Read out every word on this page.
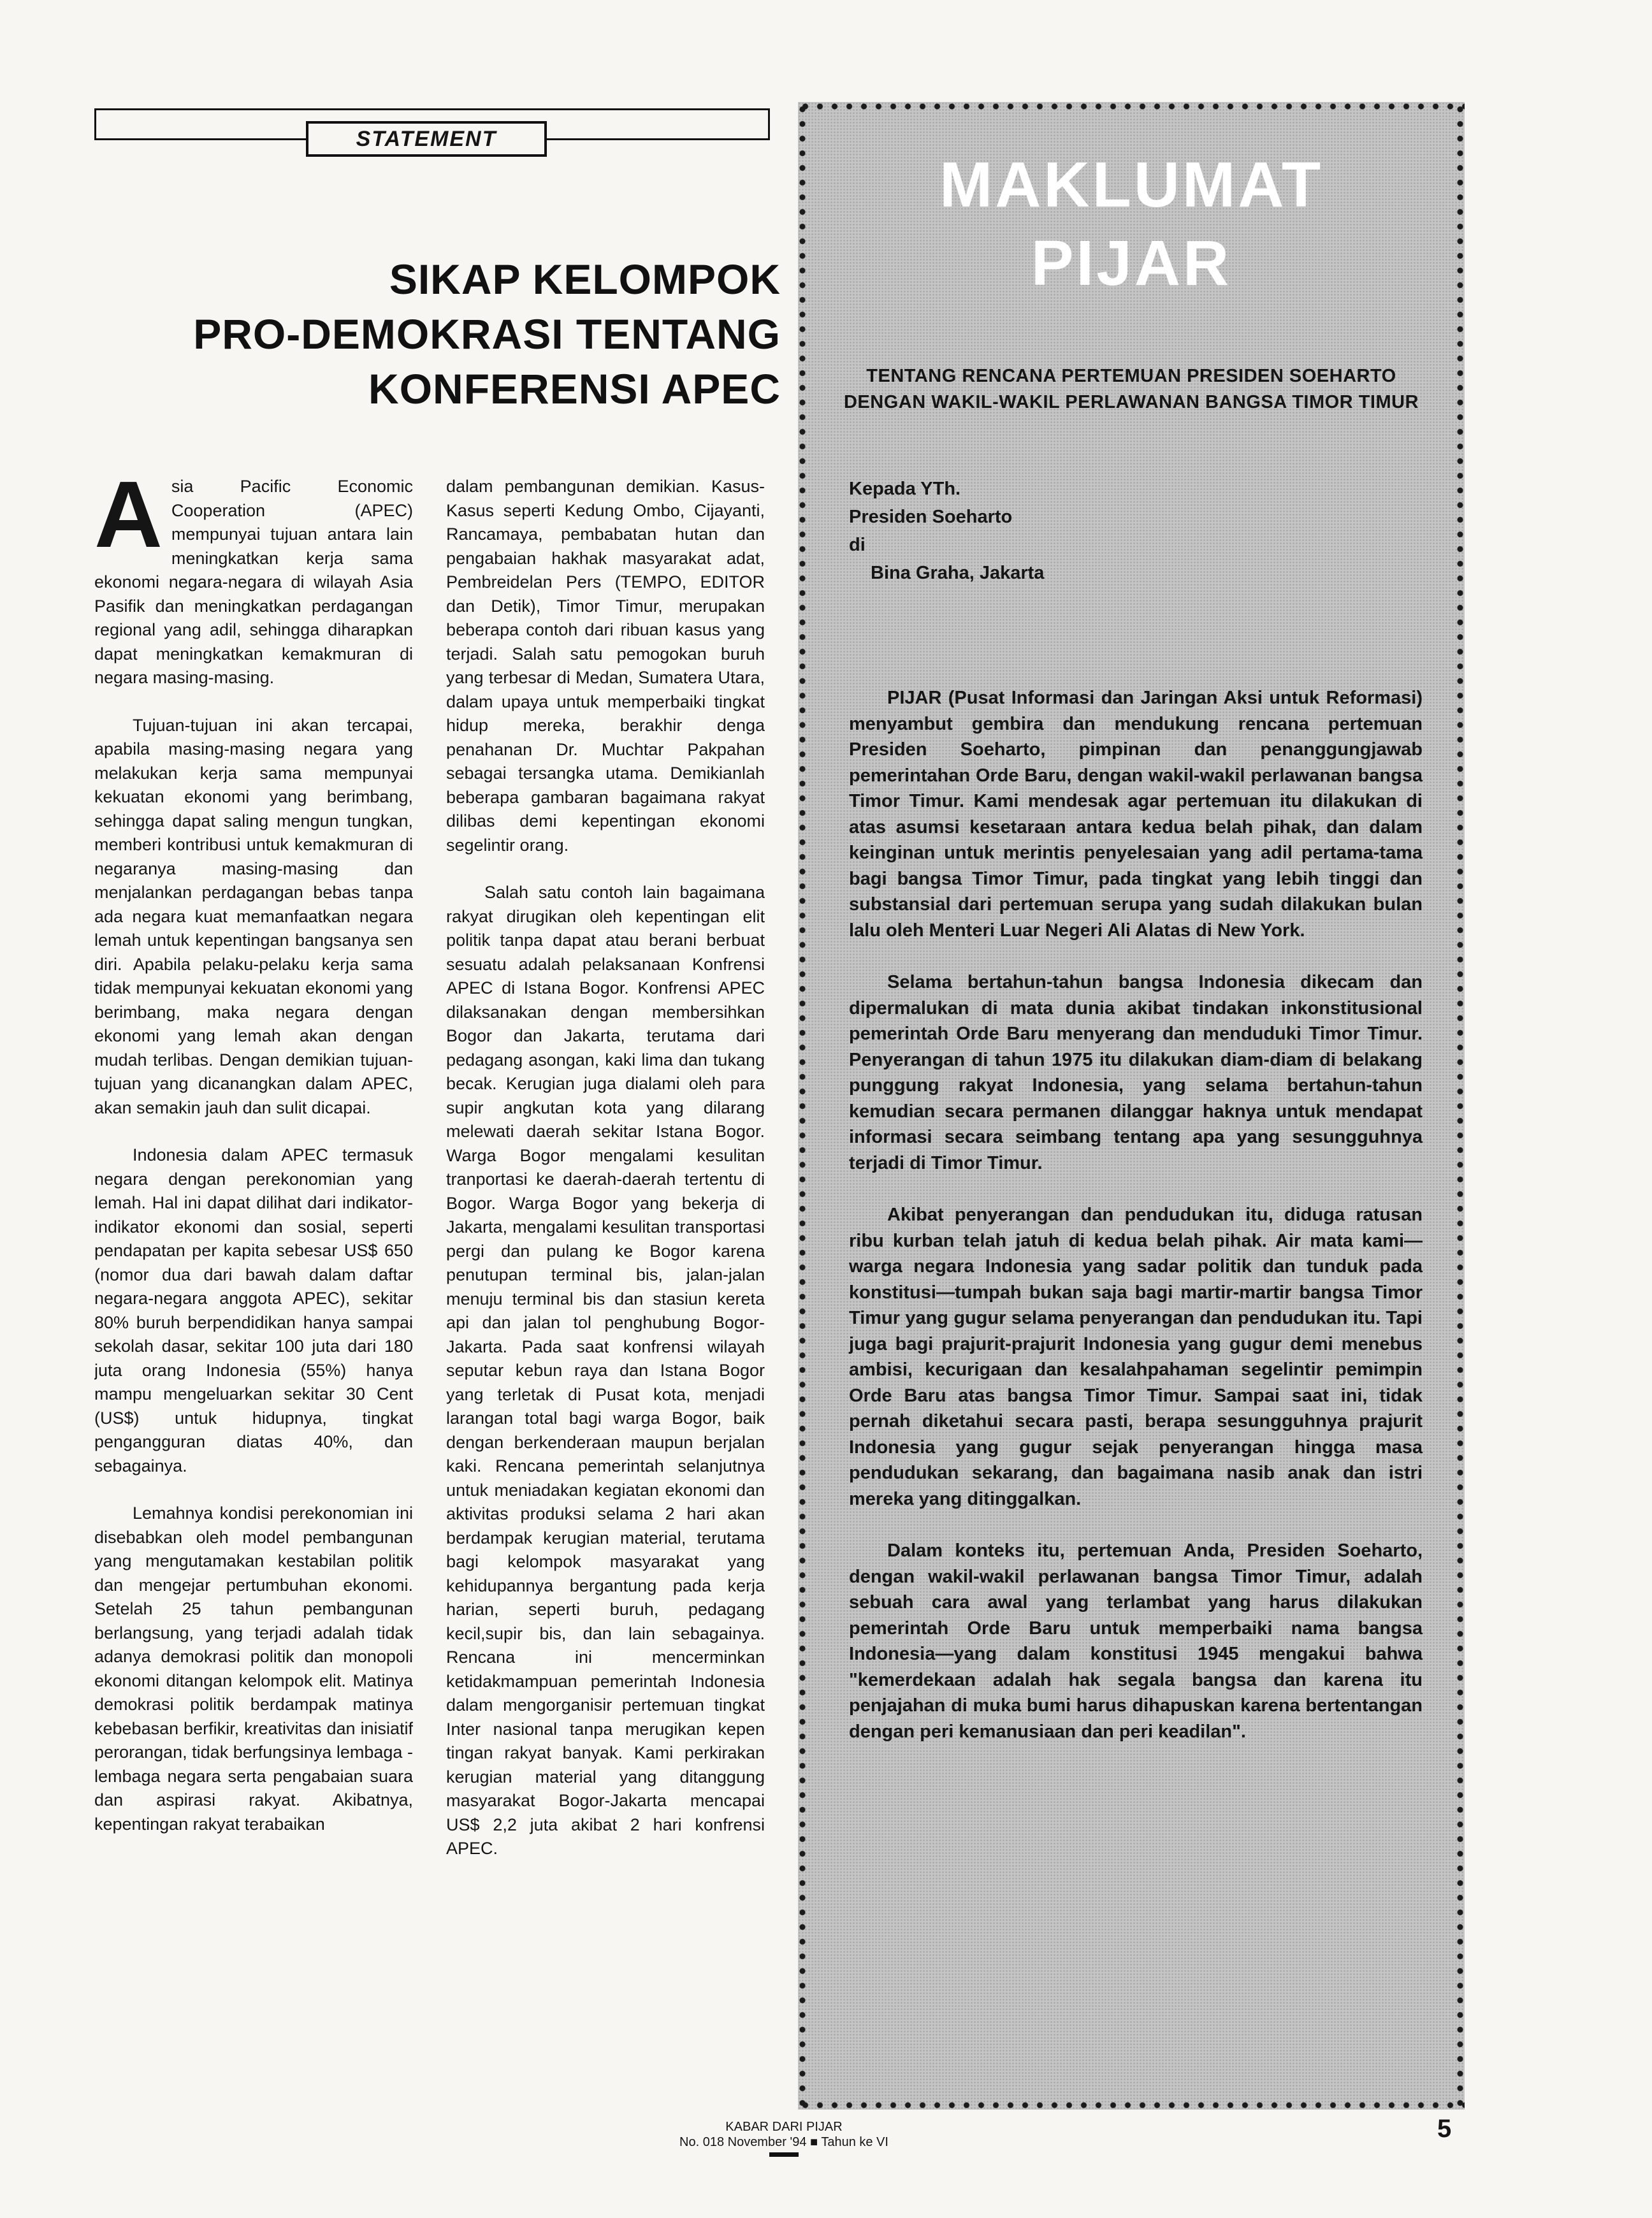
STATEMENT
SIKAP KELOMPOK
PRO-DEMOKRASI TENTANG
KONFERENSI APEC

A sia Pacific Economic Cooperation (APEC) mempunyai tujuan antara lain meningkatkan kerja sama ekonomi negara-negara di wilayah Asia Pasifik dan meningkatkan perdagangan regional yang adil, sehingga diharapkan dapat meningkatkan kemakmuran di negara masing-masing.

Tujuan-tujuan ini akan tercapai, apabila masing-masing negara yang melakukan kerja sama mempunyai kekuatan ekonomi yang berimbang, sehingga dapat saling mengun tungkan, memberi kontribusi untuk kemakmuran di negaranya masing-masing dan menjalankan perdagangan bebas tanpa ada negara kuat memanfaatkan negara lemah untuk kepentingan bangsanya sen diri. Apabila pelaku-pelaku kerja sama tidak mempunyai kekuatan ekonomi yang berimbang, maka negara dengan ekonomi yang lemah akan dengan mudah terlibas. Dengan demikian tujuan-tujuan yang dicanangkan dalam APEC, akan semakin jauh dan sulit dicapai.

Indonesia dalam APEC termasuk negara dengan perekonomian yang lemah. Hal ini dapat dilihat dari indikator-indikator ekonomi dan sosial, seperti pendapatan per kapita sebesar US$ 650 (nomor dua dari bawah dalam daftar negara-negara anggota APEC), sekitar 80% buruh berpendidikan hanya sampai sekolah dasar, sekitar 100 juta dari 180 juta orang Indonesia (55%) hanya mampu mengeluarkan sekitar 30 Cent (US$) untuk hidupnya, tingkat pengangguran diatas 40%, dan sebagainya.

Lemahnya kondisi perekonomian ini disebabkan oleh model pembangunan yang mengutamakan kestabilan politik dan mengejar pertumbuhan ekonomi. Setelah 25 tahun pembangunan berlangsung, yang terjadi adalah tidak adanya demokrasi politik dan monopoli ekonomi ditangan kelompok elit. Matinya demokrasi politik berdampak matinya kebebasan berfikir, kreativitas dan inisiatif perorangan, tidak berfungsinya lembaga - lembaga negara serta pengabaian suara dan aspirasi rakyat. Akibatnya, kepentingan rakyat terabaikan

dalam pembangunan demikian. Kasus-Kasus seperti Kedung Ombo, Cijayanti, Rancamaya, pembabatan hutan dan pengabaian hakhak masyarakat adat, Pembreidelan Pers (TEMPO, EDITOR dan Detik), Timor Timur, merupakan beberapa contoh dari ribuan kasus yang terjadi. Salah satu pemogokan buruh yang terbesar di Medan, Sumatera Utara, dalam upaya untuk memperbaiki tingkat hidup mereka, berakhir denga penahanan Dr. Muchtar Pakpahan sebagai tersangka utama. Demikianlah beberapa gambaran bagaimana rakyat dilibas demi kepentingan ekonomi segelintir orang.

Salah satu contoh lain bagaimana rakyat dirugikan oleh kepentingan elit politik tanpa dapat atau berani berbuat sesuatu adalah pelaksanaan Konfrensi APEC di Istana Bogor. Konfrensi APEC dilaksanakan dengan membersihkan Bogor dan Jakarta, terutama dari pedagang asongan, kaki lima dan tukang becak. Kerugian juga dialami oleh para supir angkutan kota yang dilarang melewati daerah sekitar Istana Bogor. Warga Bogor mengalami kesulitan tranportasi ke daerah-daerah tertentu di Bogor. Warga Bogor yang bekerja di Jakarta, mengalami kesulitan transportasi pergi dan pulang ke Bogor karena penutupan terminal bis, jalan-jalan menuju terminal bis dan stasiun kereta api dan jalan tol penghubung Bogor-Jakarta. Pada saat konfrensi wilayah seputar kebun raya dan Istana Bogor yang terletak di Pusat kota, menjadi larangan total bagi warga Bogor, baik dengan berkenderaan maupun berjalan kaki. Rencana pemerintah selanjutnya untuk meniadakan kegiatan ekonomi dan aktivitas produksi selama 2 hari akan berdampak kerugian material, terutama bagi kelompok masyarakat yang kehidupannya bergantung pada kerja harian, seperti buruh, pedagang kecil,supir bis, dan lain sebagainya. Rencana ini mencerminkan ketidakmampuan pemerintah Indonesia dalam mengorganisir pertemuan tingkat Inter nasional tanpa merugikan kepen tingan rakyat banyak. Kami perkirakan kerugian material yang ditanggung masyarakat Bogor-Jakarta mencapai US$ 2,2 juta akibat 2 hari konfrensi APEC.

MAKLUMAT
PIJAR

TENTANG RENCANA PERTEMUAN PRESIDEN SOEHARTO DENGAN WAKIL-WAKIL PERLAWANAN BANGSA TIMOR TIMUR

Kepada YTh.
Presiden Soeharto
di
Bina Graha, Jakarta

PIJAR (Pusat Informasi dan Jaringan Aksi untuk Reformasi) menyambut gembira dan mendukung rencana pertemuan Presiden Soeharto, pimpinan dan penanggungjawab pemerintahan Orde Baru, dengan wakil-wakil perlawanan bangsa Timor Timur. Kami mendesak agar pertemuan itu dilakukan di atas asumsi kesetaraan antara kedua belah pihak, dan dalam keinginan untuk merintis penyelesaian yang adil pertama-tama bagi bangsa Timor Timur, pada tingkat yang lebih tinggi dan substansial dari pertemuan serupa yang sudah dilakukan bulan lalu oleh Menteri Luar Negeri Ali Alatas di New York.

Selama bertahun-tahun bangsa Indonesia dikecam dan dipermalukan di mata dunia akibat tindakan inkonstitusional pemerintah Orde Baru menyerang dan menduduki Timor Timur. Penyerangan di tahun 1975 itu dilakukan diam-diam di belakang punggung rakyat Indonesia, yang selama bertahun-tahun kemudian secara permanen dilanggar haknya untuk mendapat informasi secara seimbang tentang apa yang sesungguhnya terjadi di Timor Timur.

Akibat penyerangan dan pendudukan itu, diduga ratusan ribu kurban telah jatuh di kedua belah pihak. Air mata kami—warga negara Indonesia yang sadar politik dan tunduk pada konstitusi—tumpah bukan saja bagi martir-martir bangsa Timor Timur yang gugur selama penyerangan dan pendudukan itu. Tapi juga bagi prajurit-prajurit Indonesia yang gugur demi menebus ambisi, kecurigaan dan kesalahpahaman segelintir pemimpin Orde Baru atas bangsa Timor Timur. Sampai saat ini, tidak pernah diketahui secara pasti, berapa sesungguhnya prajurit Indonesia yang gugur sejak penyerangan hingga masa pendudukan sekarang, dan bagaimana nasib anak dan istri mereka yang ditinggalkan.

Dalam konteks itu, pertemuan Anda, Presiden Soeharto, dengan wakil-wakil perlawanan bangsa Timor Timur, adalah sebuah cara awal yang terlambat yang harus dilakukan pemerintah Orde Baru untuk memperbaiki nama bangsa Indonesia—yang dalam konstitusi 1945 mengakui bahwa "kemerdekaan adalah hak segala bangsa dan karena itu penjajahan di muka bumi harus dihapuskan karena bertentangan dengan peri kemanusiaan dan peri keadilan".

KABAR DARI PIJAR
No. 018 November '94 ■ Tahun ke VI	5
